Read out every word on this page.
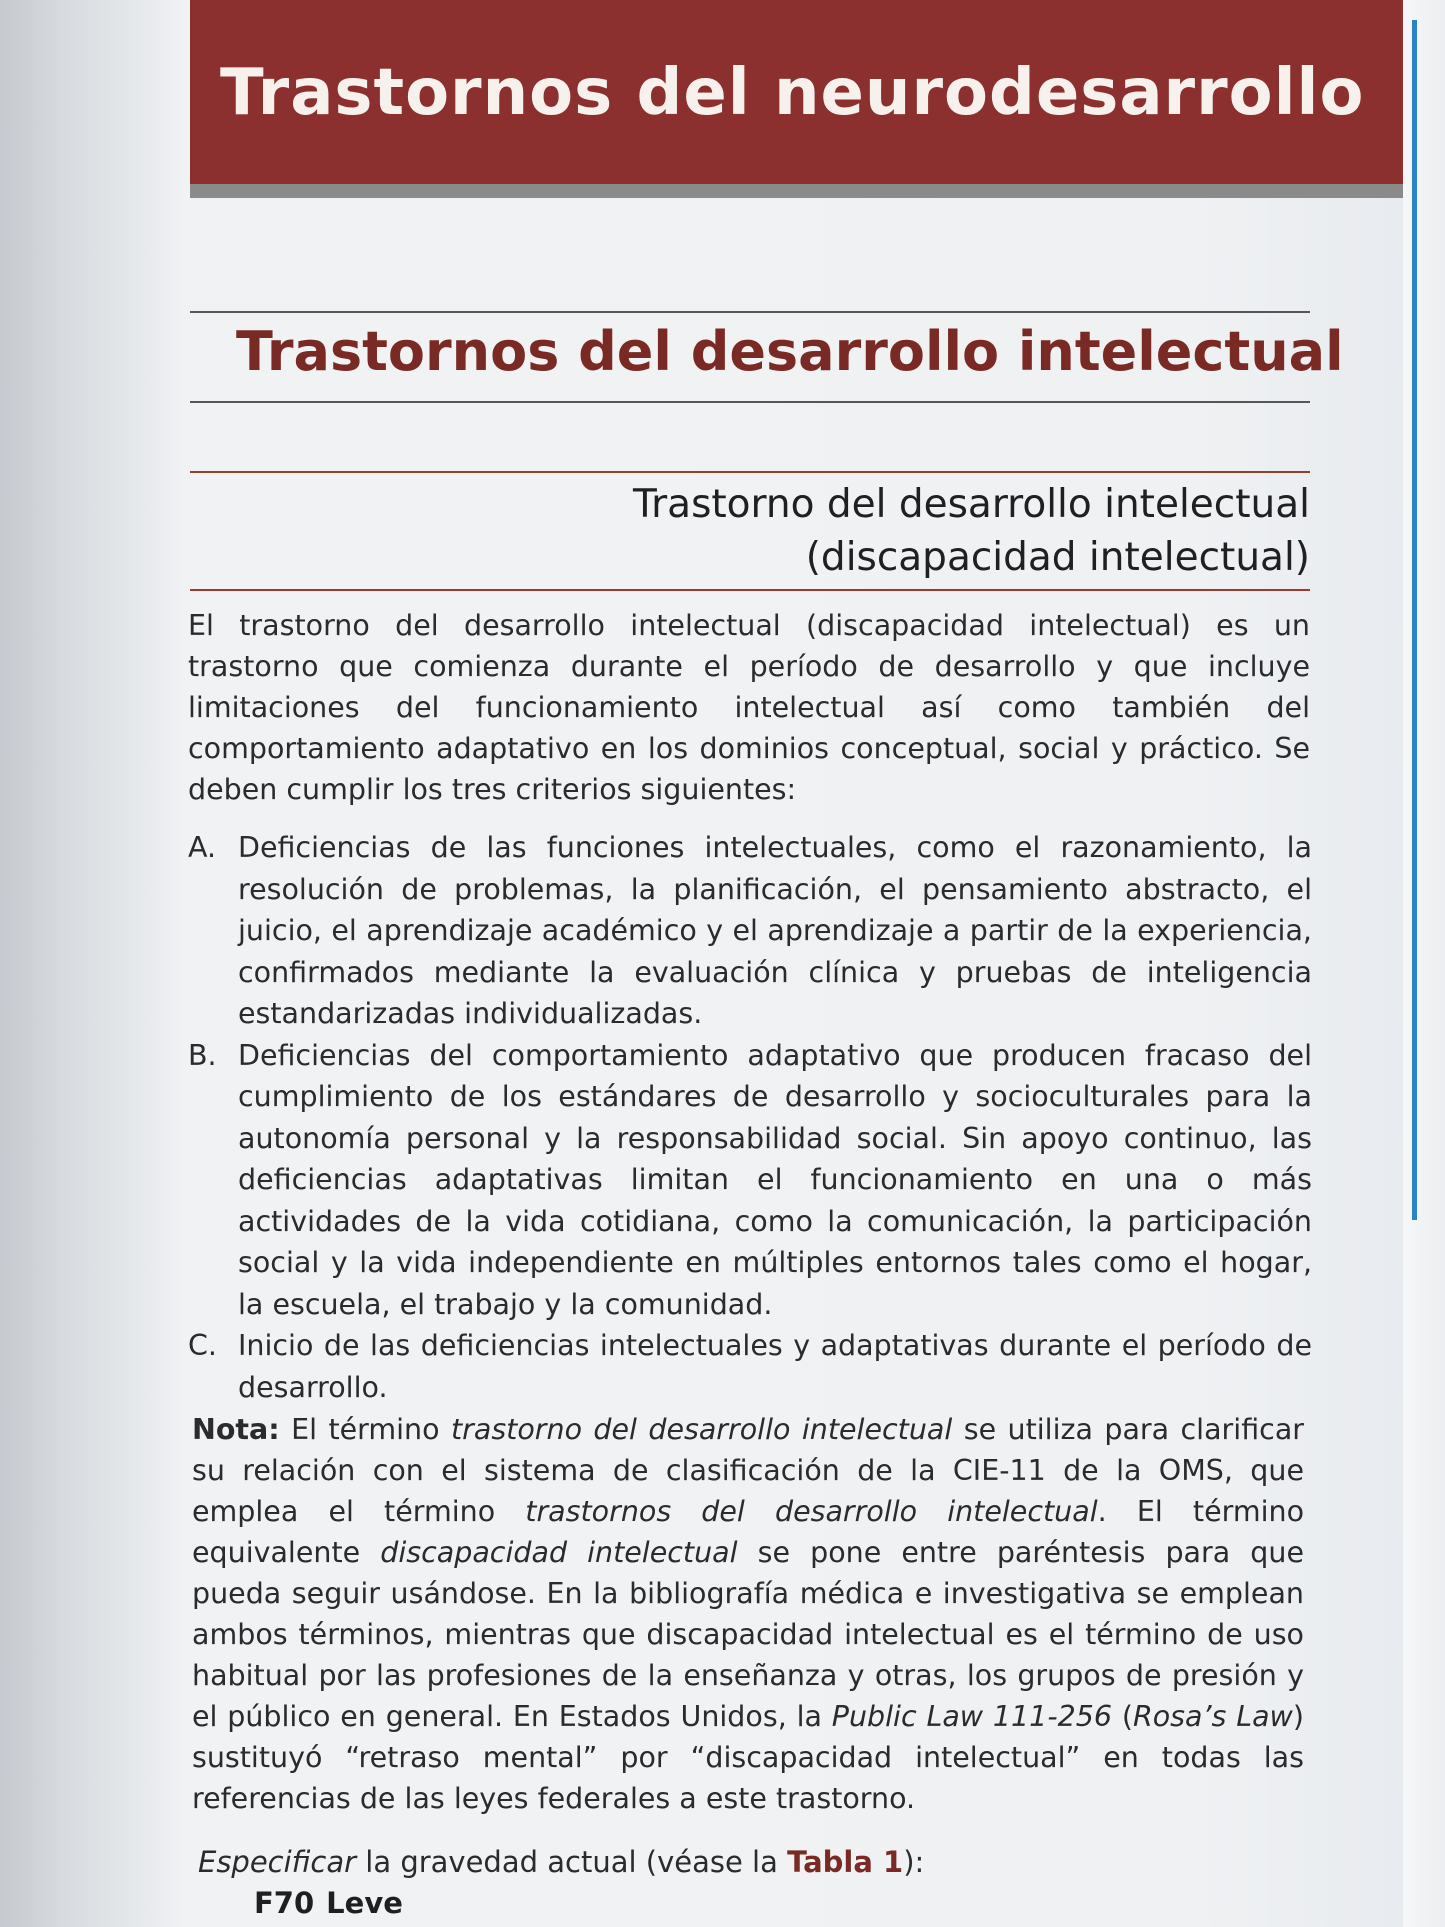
Trastornos del neurodesarrollo
Trastornos del desarrollo intelectual
Trastorno del desarrollo intelectual
(discapacidad intelectual)
El trastorno del desarrollo intelectual (discapacidad intelectual) es un trastorno que comienza durante el período de desarrollo y que incluye limitaciones del funcionamiento intelectual así como también del comportamiento adaptativo en los dominios conceptual, social y práctico. Se deben cumplir los tres criterios siguientes:
A. Deficiencias de las funciones intelectuales, como el razonamiento, la resolución de problemas, la planificación, el pensamiento abstracto, el juicio, el aprendizaje académico y el aprendizaje a partir de la experiencia, confirmados mediante la evaluación clínica y pruebas de inteligencia estandarizadas individualizadas.
B. Deficiencias del comportamiento adaptativo que producen fracaso del cumplimiento de los estándares de desarrollo y socioculturales para la autonomía personal y la responsabilidad social. Sin apoyo continuo, las deficiencias adaptativas limitan el funcionamiento en una o más actividades de la vida cotidiana, como la comunicación, la participación social y la vida independiente en múltiples entornos tales como el hogar, la escuela, el trabajo y la comunidad.
C. Inicio de las deficiencias intelectuales y adaptativas durante el período de desarrollo.
Nota: El término trastorno del desarrollo intelectual se utiliza para clarificar su relación con el sistema de clasificación de la CIE-11 de la OMS, que emplea el término trastornos del desarrollo intelectual. El término equivalente discapacidad intelectual se pone entre paréntesis para que pueda seguir usándose. En la bibliografía médica e investigativa se emplean ambos términos, mientras que discapacidad intelectual es el término de uso habitual por las profesiones de la enseñanza y otras, los grupos de presión y el público en general. En Estados Unidos, la Public Law 111-256 (Rosa’s Law) sustituyó “retraso mental” por “discapacidad intelectual” en todas las referencias de las leyes federales a este trastorno.
Especificar la gravedad actual (véase la Tabla 1):
F70 Leve
